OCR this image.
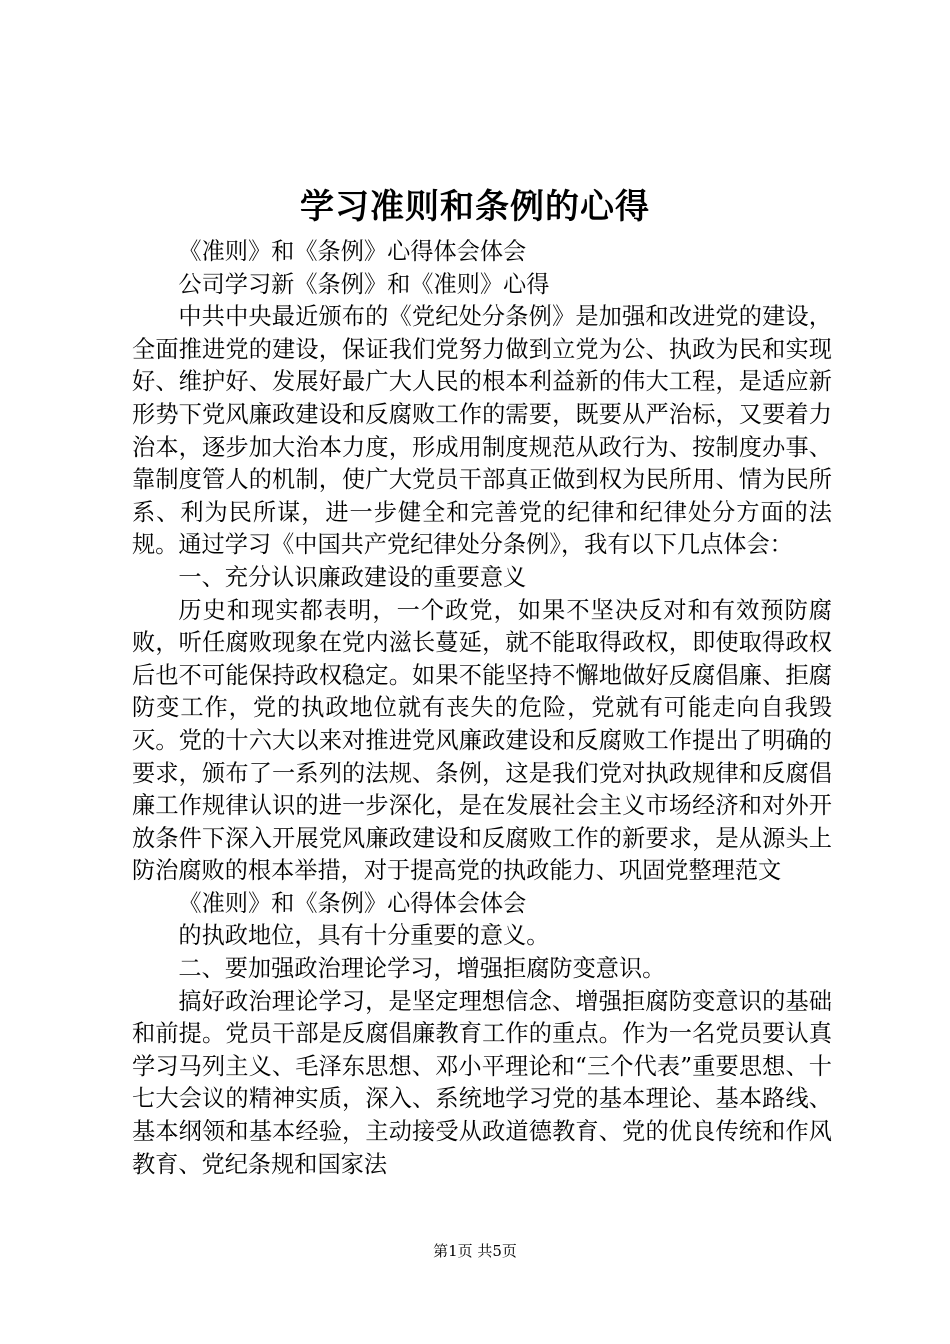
学习准则和条例的心得

《准则》和《条例》心得体会体会

公司学习新《条例》和《准则》心得

中共中央最近颁布的《党纪处分条例》是加强和改进党的建设，全面推进党的建设，保证我们党努力做到立党为公、执政为民和实现好、维护好、发展好最广大人民的根本利益新的伟大工程，是适应新形势下党风廉政建设和反腐败工作的需要，既要从严治标，又要着力治本，逐步加大治本力度，形成用制度规范从政行为、按制度办事、靠制度管人的机制，使广大党员干部真正做到权为民所用、情为民所系、利为民所谋，进一步健全和完善党的纪律和纪律处分方面的法规。通过学习《中国共产党纪律处分条例》，我有以下几点体会：

一、充分认识廉政建设的重要意义

历史和现实都表明，一个政党，如果不坚决反对和有效预防腐败，听任腐败现象在党内滋长蔓延，就不能取得政权，即使取得政权后也不可能保持政权稳定。如果不能坚持不懈地做好反腐倡廉、拒腐防变工作，党的执政地位就有丧失的危险，党就有可能走向自我毁灭。党的十六大以来对推进党风廉政建设和反腐败工作提出了明确的要求，颁布了一系列的法规、条例，这是我们党对执政规律和反腐倡廉工作规律认识的进一步深化，是在发展社会主义市场经济和对外开放条件下深入开展党风廉政建设和反腐败工作的新要求，是从源头上防治腐败的根本举措，对于提高党的执政能力、巩固党整理范文

《准则》和《条例》心得体会体会

的执政地位，具有十分重要的意义。

二、要加强政治理论学习，增强拒腐防变意识。

搞好政治理论学习，是坚定理想信念、增强拒腐防变意识的基础和前提。党员干部是反腐倡廉教育工作的重点。作为一名党员要认真学习马列主义、毛泽东思想、邓小平理论和“三个代表”重要思想、十七大会议的精神实质，深入、系统地学习党的基本理论、基本路线、基本纲领和基本经验，主动接受从政道德教育、党的优良传统和作风教育、党纪条规和国家法

第1页 共5页
